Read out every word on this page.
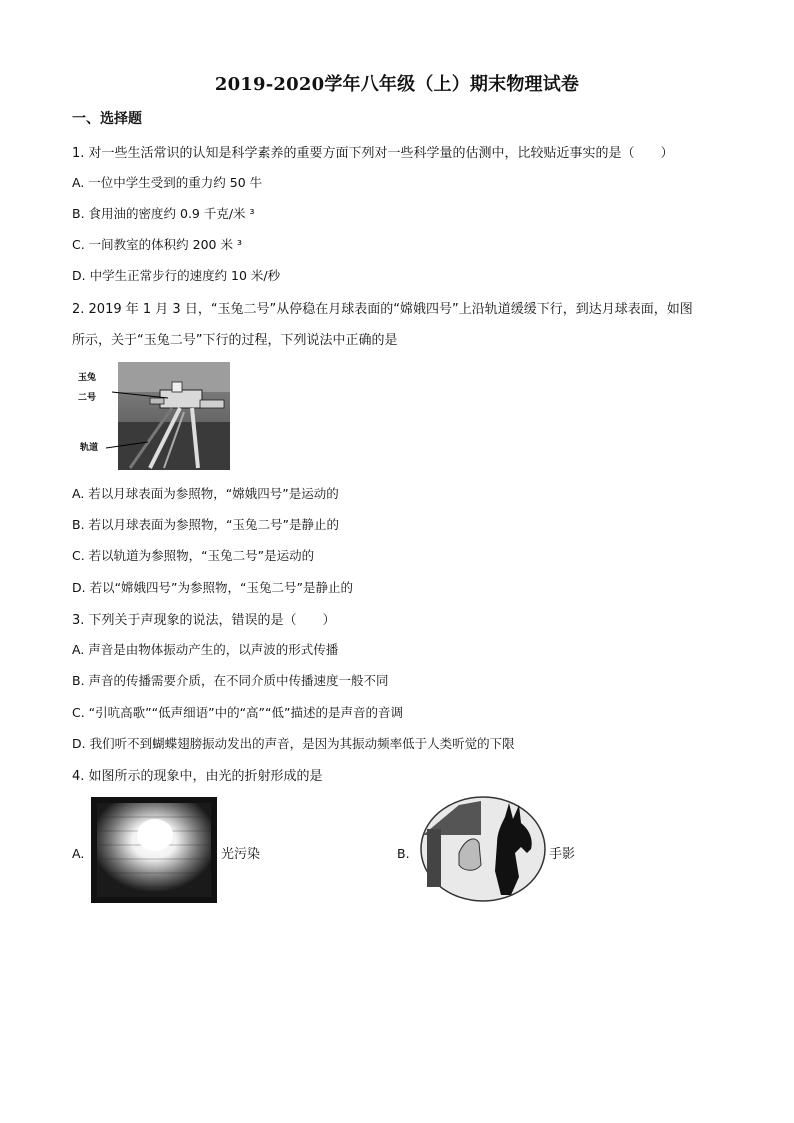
2019-2020学年八年级（上）期末物理试卷
一、选择题
1. 对一些生活常识的认知是科学素养的重要方面下列对一些科学量的估测中，比较贴近事实的是（　　）
A. 一位中学生受到的重力约 50 牛
B. 食用油的密度约 0.9 千克/米 ³
C. 一间教室的体积约 200 米 ³
D. 中学生正常步行的速度约 10 米/秒
2. 2019 年 1 月 3 日，“玉兔二号”从停稳在月球表面的“嫦娥四号”上沿轨道缓缓下行，到达月球表面，如图
所示，关于“玉兔二号”下行的过程，下列说法中正确的是
玉兔
二号
轨道
A. 若以月球表面为参照物，“嫦娥四号”是运动的
B. 若以月球表面为参照物，“玉兔二号”是静止的
C. 若以轨道为参照物，“玉兔二号”是运动的
D. 若以“嫦娥四号”为参照物，“玉兔二号”是静止的
3. 下列关于声现象的说法，错误的是（　　）
A. 声音是由物体振动产生的，以声波的形式传播
B. 声音的传播需要介质，在不同介质中传播速度一般不同
C. “引吭高歌”“低声细语”中的“高”“低”描述的是声音的音调
D. 我们听不到蝴蝶翅膀振动发出的声音，是因为其振动频率低于人类听觉的下限
4. 如图所示的现象中，由光的折射形成的是
A.	光污染	B.	手影
